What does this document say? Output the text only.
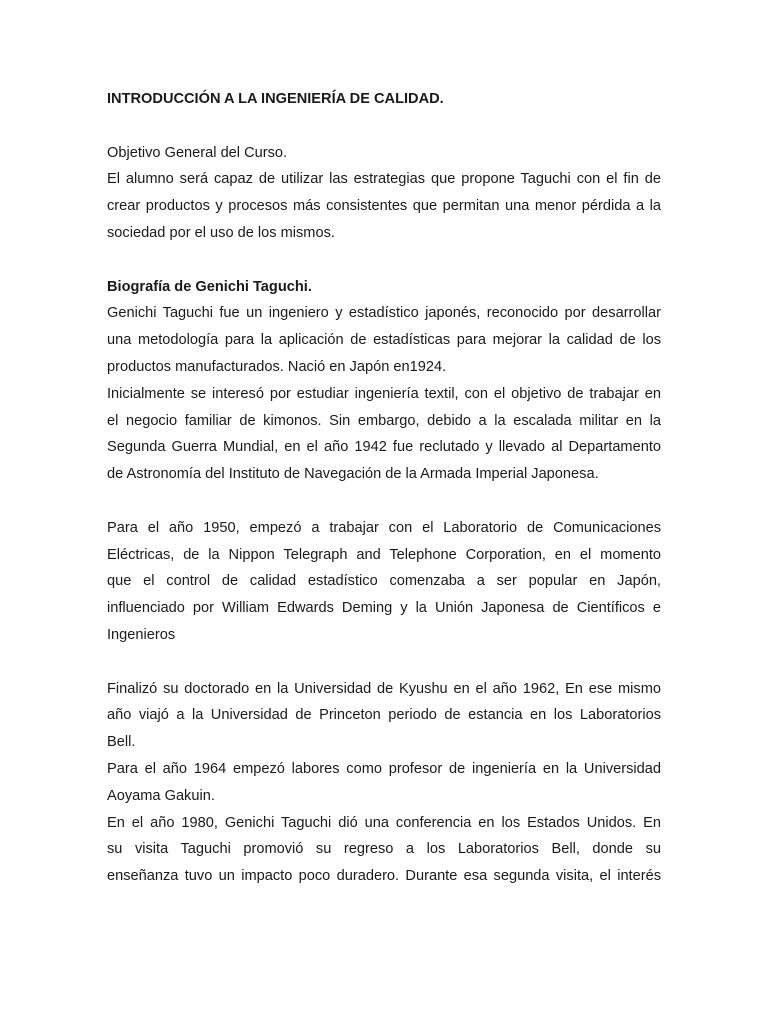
INTRODUCCIÓN A LA INGENIERÍA DE CALIDAD.
Objetivo General del Curso.
El alumno será capaz de utilizar las estrategias que propone Taguchi con el fin de
crear productos y procesos más consistentes que permitan una menor pérdida a la
sociedad por el uso de los mismos.
Biografía de Genichi Taguchi.
Genichi Taguchi fue un ingeniero y estadístico japonés, reconocido por desarrollar
una metodología para la aplicación de estadísticas para mejorar la calidad de los
productos manufacturados. Nació en Japón en1924.
Inicialmente se interesó por estudiar ingeniería textil, con el objetivo de trabajar en
el negocio familiar de kimonos. Sin embargo, debido a la escalada militar en la
Segunda Guerra Mundial, en el año 1942 fue reclutado y llevado al Departamento
de Astronomía del Instituto de Navegación de la Armada Imperial Japonesa.
Para el año 1950, empezó a trabajar con el Laboratorio de Comunicaciones
Eléctricas, de la Nippon Telegraph and Telephone Corporation, en el momento
que el control de calidad estadístico comenzaba a ser popular en Japón,
influenciado por William Edwards Deming y la Unión Japonesa de Científicos e
Ingenieros
Finalizó su doctorado en la Universidad de Kyushu en el año 1962, En ese mismo
año viajó a la Universidad de Princeton periodo de estancia en los Laboratorios
Bell.
Para el año 1964 empezó labores como profesor de ingeniería en la Universidad
Aoyama Gakuin.
En el año 1980, Genichi Taguchi dió una conferencia en los Estados Unidos. En
su visita Taguchi promovió su regreso a los Laboratorios Bell, donde su
enseñanza tuvo un impacto poco duradero. Durante esa segunda visita, el interés
